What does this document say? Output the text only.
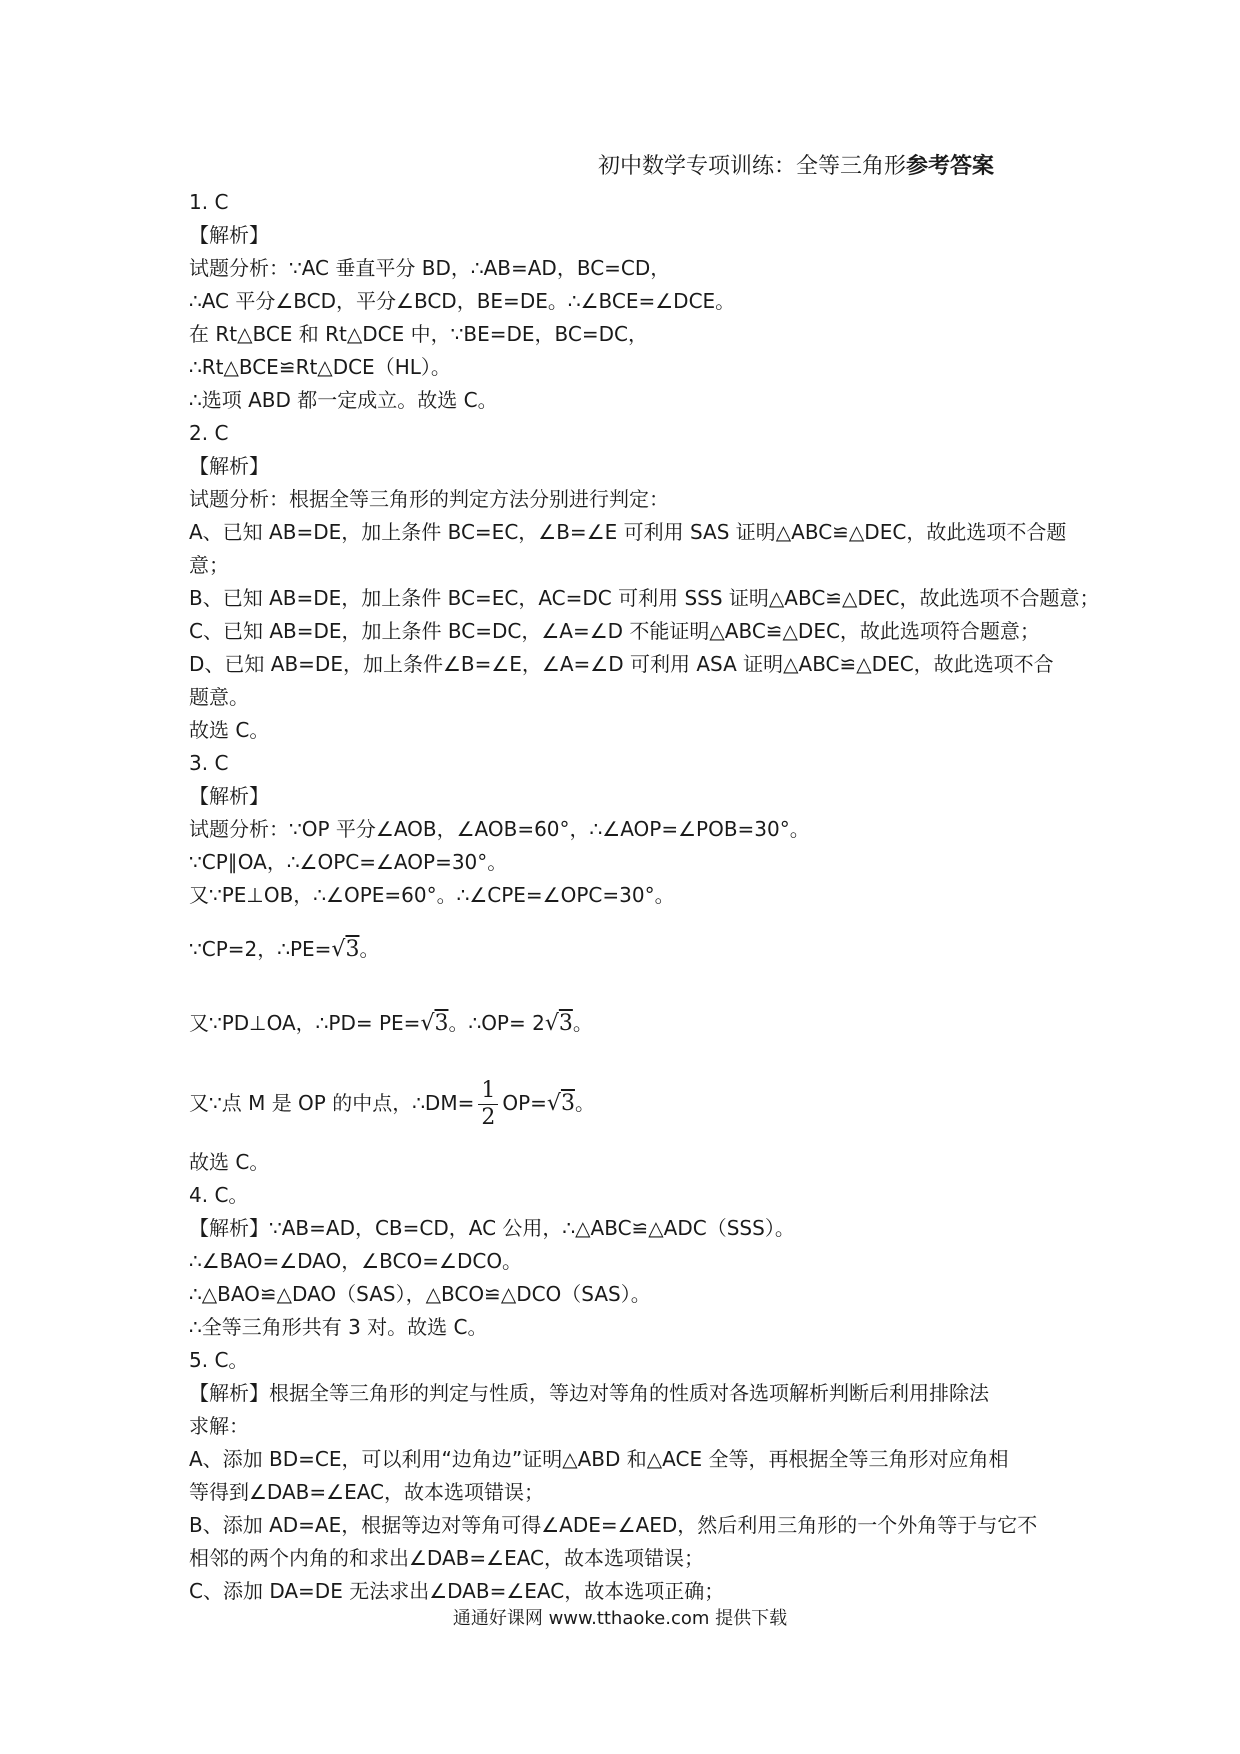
初中数学专项训练：全等三角形参考答案
1. C
【解析】
试题分析：∵AC 垂直平分 BD，∴AB=AD，BC=CD，
∴AC 平分∠BCD，平分∠BCD，BE=DE。∴∠BCE=∠DCE。
在 Rt△BCE 和 Rt△DCE 中，∵BE=DE，BC=DC，
∴Rt△BCE≌Rt△DCE（HL）。
∴选项 ABD 都一定成立。故选 C。
2. C
【解析】
试题分析：根据全等三角形的判定方法分别进行判定：
A、已知 AB=DE，加上条件 BC=EC，∠B=∠E 可利用 SAS 证明△ABC≌△DEC，故此选项不合题
意；
B、已知 AB=DE，加上条件 BC=EC，AC=DC 可利用 SSS 证明△ABC≌△DEC，故此选项不合题意；
C、已知 AB=DE，加上条件 BC=DC，∠A=∠D 不能证明△ABC≌△DEC，故此选项符合题意；
D、已知 AB=DE，加上条件∠B=∠E，∠A=∠D 可利用 ASA 证明△ABC≌△DEC，故此选项不合
题意。
故选 C。
3. C
【解析】
试题分析：∵OP 平分∠AOB，∠AOB=60°，∴∠AOP=∠POB=30°。
∵CP∥OA，∴∠OPC=∠AOP=30°。
又∵PE⊥OB，∴∠OPE=60°。∴∠CPE=∠OPC=30°。
∵CP=2，∴PE=√3。
又∵PD⊥OA，∴PD= PE=√3。∴OP= 2√3。
又∵点 M 是 OP 的中点，∴DM= $\frac{1}{2} OP=√3$。
故选 C。
4. C。
【解析】∵AB=AD，CB=CD，AC 公用，∴△ABC≌△ADC（SSS）。
∴∠BAO=∠DAO，∠BCO=∠DCO。
∴△BAO≌△DAO（SAS），△BCO≌△DCO（SAS）。
∴全等三角形共有 3 对。故选 C。
5. C。
【解析】根据全等三角形的判定与性质，等边对等角的性质对各选项解析判断后利用排除法
求解：
A、添加 BD=CE，可以利用“边角边”证明△ABD 和△ACE 全等，再根据全等三角形对应角相
等得到∠DAB=∠EAC，故本选项错误；
B、添加 AD=AE，根据等边对等角可得∠ADE=∠AED，然后利用三角形的一个外角等于与它不
相邻的两个内角的和求出∠DAB=∠EAC，故本选项错误；
C、添加 DA=DE 无法求出∠DAB=∠EAC，故本选项正确；
通通好课网 www.tthaoke.com 提供下载
